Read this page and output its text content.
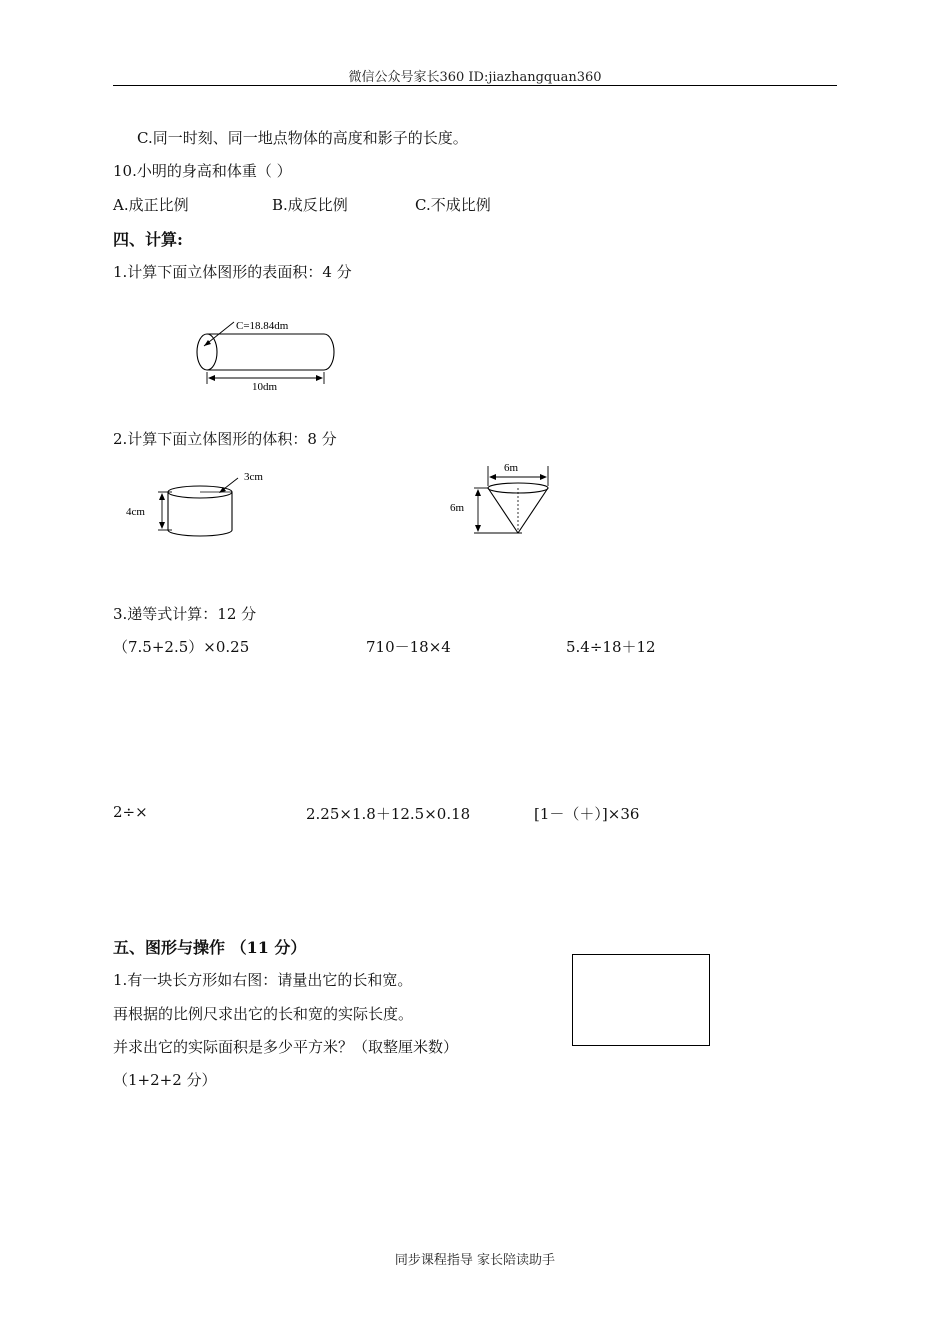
微信公众号家长360 ID:jiazhangquan360
C.同一时刻、同一地点物体的高度和影子的长度。
10.小明的身高和体重（ ）
A.成正比例	B.成反比例	C.不成比例
四、计算:
1.计算下面立体图形的表面积：4 分
C=18.84dm
10dm
2.计算下面立体图形的体积：8 分
3cm
4cm
6m
6m
3.递等式计算：12 分
（7.5+2.5）×0.25	710－18×4	5.4÷18＋12
2÷×	2.25×1.8＋12.5×0.18	[1－（＋）]×36
五、图形与操作 （11 分）
1.有一块长方形如右图：请量出它的长和宽。
再根据的比例尺求出它的长和宽的实际长度。
并求出它的实际面积是多少平方米？（取整厘米数）
（1+2+2 分）
同步课程指导 家长陪读助手
